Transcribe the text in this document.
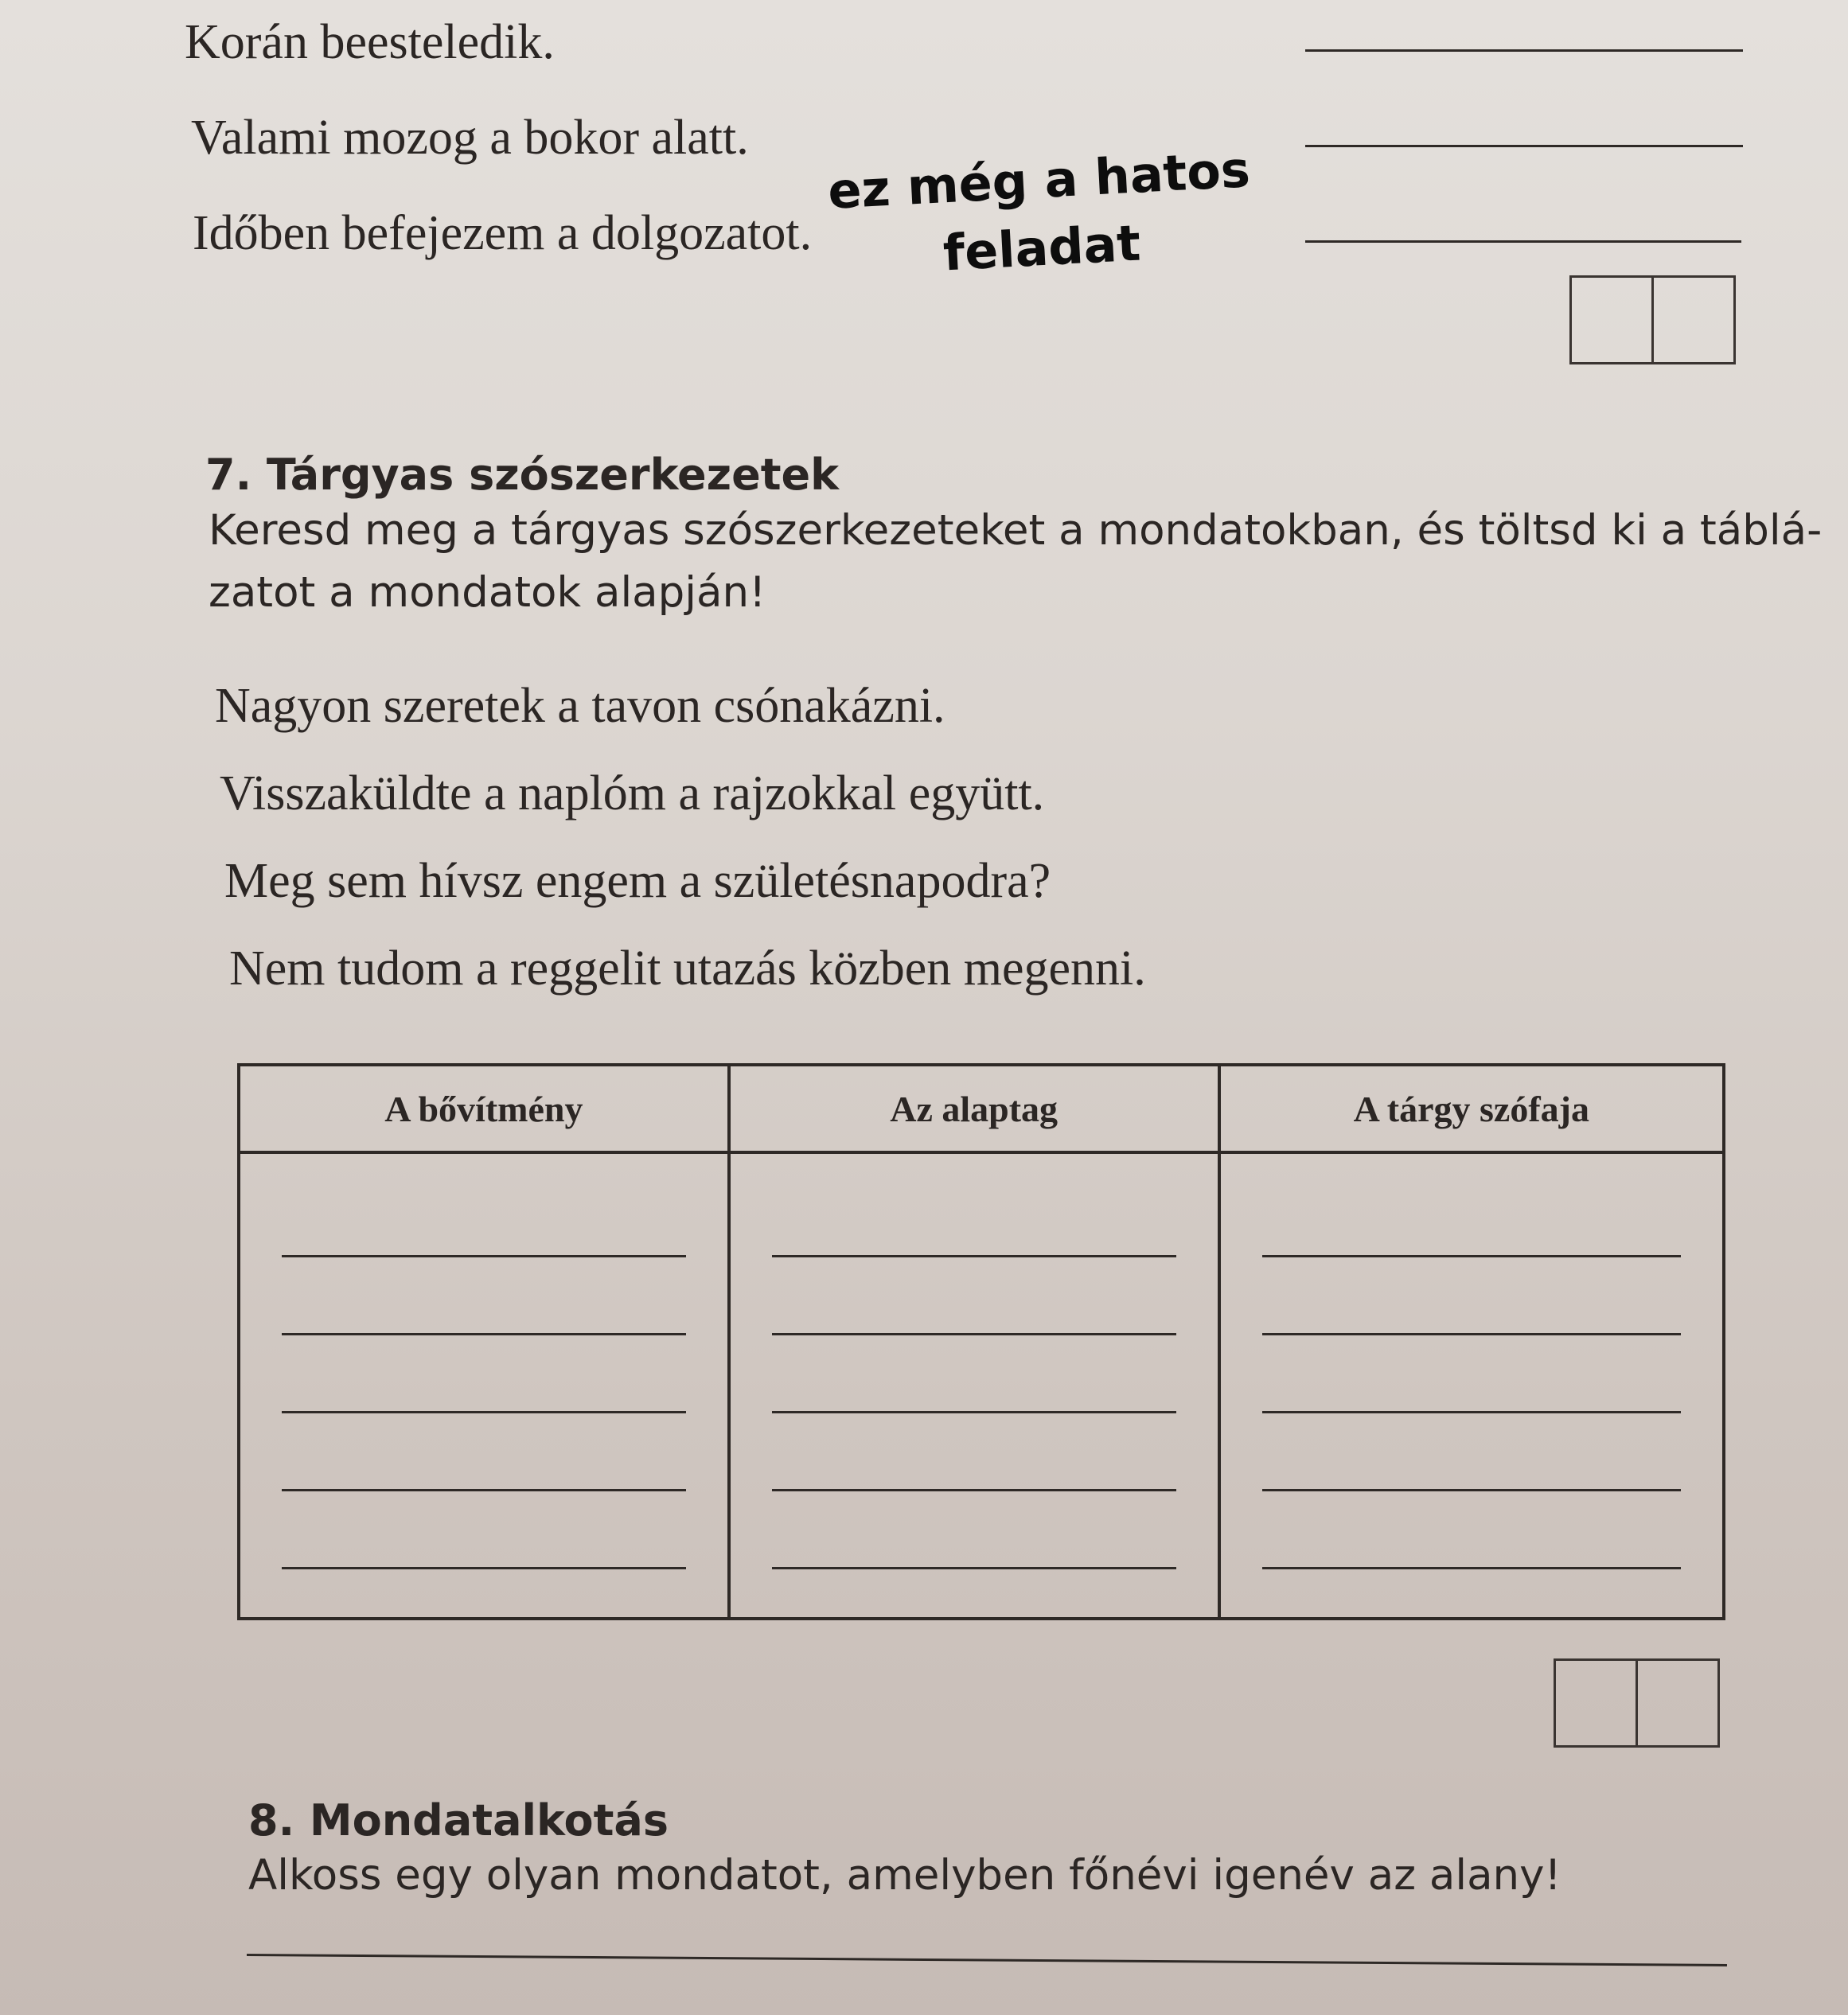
Korán beesteledik.
Valami mozog a bokor alatt.
Időben befejezem a dolgozatot.
ez még a hatos
feladat
7. Tárgyas szószerkezetek
Keresd meg a tárgyas szószerkezeteket a mondatokban, és töltsd ki a táblá-
zatot a mondatok alapján!
Nagyon szeretek a tavon csónakázni.
Visszaküldte a naplóm a rajzokkal együtt.
Meg sem hívsz engem a születésnapodra?
Nem tudom a reggelit utazás közben megenni.
A bővítmény	Az alaptag	A tárgy szófaja

8. Mondatalkotás
Alkoss egy olyan mondatot, amelyben főnévi igenév az alany!
